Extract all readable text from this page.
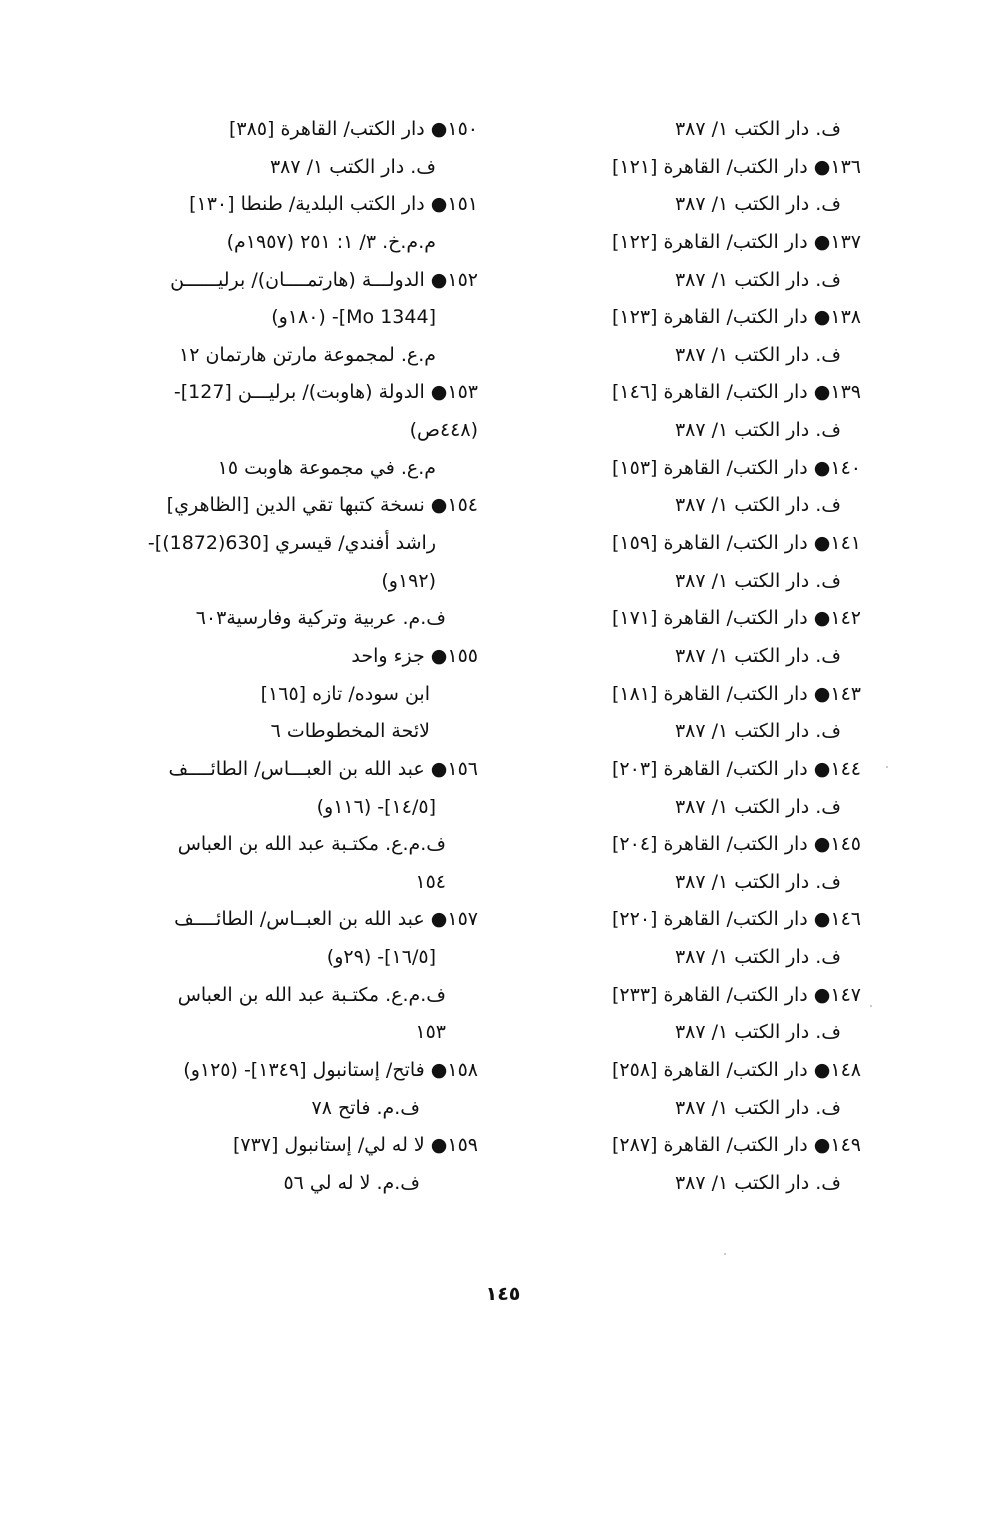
ف. دار الكتب ١/ ٣٨٧
١٣٦● دار الكتب/ القاهرة [١٢١]
ف. دار الكتب ١/ ٣٨٧
١٣٧● دار الكتب/ القاهرة [١٢٢]
ف. دار الكتب ١/ ٣٨٧
١٣٨● دار الكتب/ القاهرة [١٢٣]
ف. دار الكتب ١/ ٣٨٧
١٣٩● دار الكتب/ القاهرة [١٤٦]
ف. دار الكتب ١/ ٣٨٧
١٤٠● دار الكتب/ القاهرة [١٥٣]
ف. دار الكتب ١/ ٣٨٧
١٤١● دار الكتب/ القاهرة [١٥٩]
ف. دار الكتب ١/ ٣٨٧
١٤٢● دار الكتب/ القاهرة [١٧١]
ف. دار الكتب ١/ ٣٨٧
١٤٣● دار الكتب/ القاهرة [١٨١]
ف. دار الكتب ١/ ٣٨٧
١٤٤● دار الكتب/ القاهرة [٢٠٣]
ف. دار الكتب ١/ ٣٨٧
١٤٥● دار الكتب/ القاهرة [٢٠٤]
ف. دار الكتب ١/ ٣٨٧
١٤٦● دار الكتب/ القاهرة [٢٢٠]
ف. دار الكتب ١/ ٣٨٧
١٤٧● دار الكتب/ القاهرة [٢٣٣]
ف. دار الكتب ١/ ٣٨٧
١٤٨● دار الكتب/ القاهرة [٢٥٨]
ف. دار الكتب ١/ ٣٨٧
١٤٩● دار الكتب/ القاهرة [٢٨٧]
ف. دار الكتب ١/ ٣٨٧
١٥٠● دار الكتب/ القاهرة [٣٨٥]
ف. دار الكتب ١/ ٣٨٧
١٥١● دار الكتب البلدية/ طنطا [١٣٠]
م.م.خ. ٣/ ١: ٢٥١ (١٩٥٧م)
١٥٢● الدولـــة (هارتمــــان)/ برليــــــن
[Mo 1344]- (١٨٠و)
م.ع. لمجموعة مارتن هارتمان ١٢
١٥٣● الدولة (هاوبت)/ برليـــن [127]-
(٤٤٨ص)
م.ع. في مجموعة هاوبت ١٥
١٥٤● نسخة كتبها تقي الدين [الظاهري]
راشد أفندي/ قيسري [630(1872)]-
(١٩٢و)
ف.م. عربية وتركية وفارسية٦٠٣
١٥٥● جزء واحد
ابن سوده/ تازه [١٦٥]
لائحة المخطوطات ٦
١٥٦● عبد الله بن العبـــاس/ الطائــــف
[١٤/٥]- (١١٦و)
ف.م.ع. مكتـبة عبد الله بن العباس
١٥٤
١٥٧● عبد الله بن العبــاس/ الطائــــف
[١٦/٥]- (٢٩و)
ف.م.ع. مكتـبة عبد الله بن العباس
١٥٣
١٥٨● فاتح/ إستانبول [١٣٤٩]- (١٢٥و)
ف.م. فاتح ٧٨
١٥٩● لا له لي/ إستانبول [٧٣٧]
ف.م. لا له لي ٥٦
١٤٥
